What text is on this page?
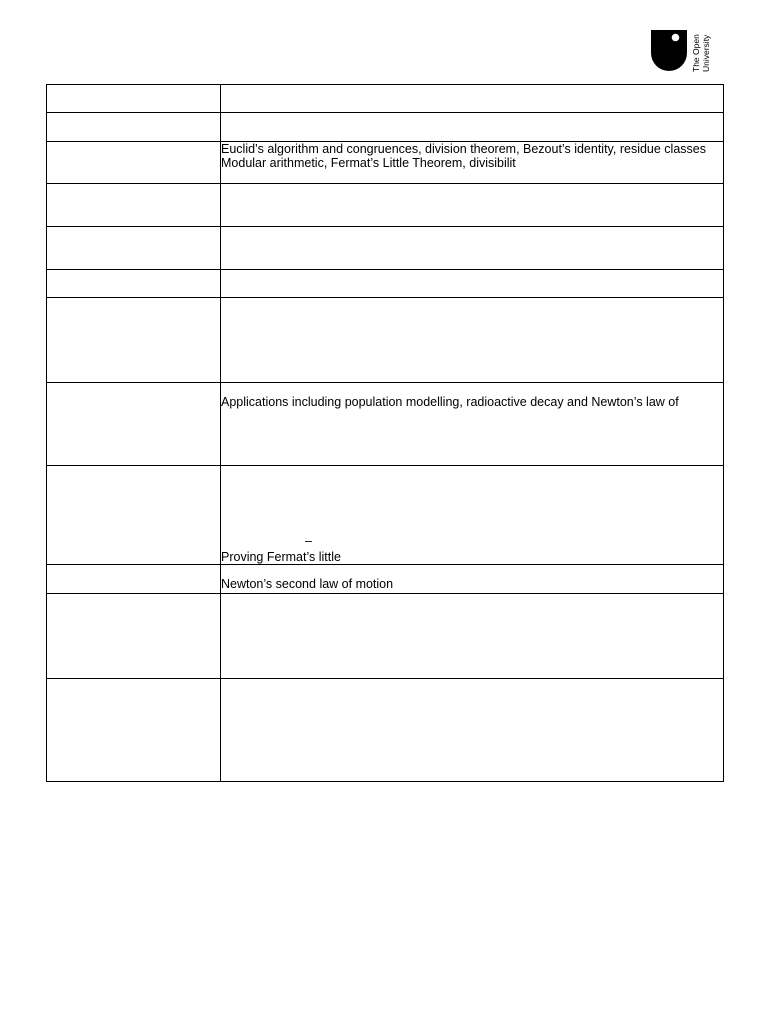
The Open University

	Euclid’s algorithm and congruences, division theorem, Bezout’s identity, residue classes
Modular arithmetic, Fermat’s Little Theorem, divisibilit

	Applications including population modelling, radioactive decay and Newton’s law of

	–
Proving Fermat’s little

	Newton’s second law of motion
